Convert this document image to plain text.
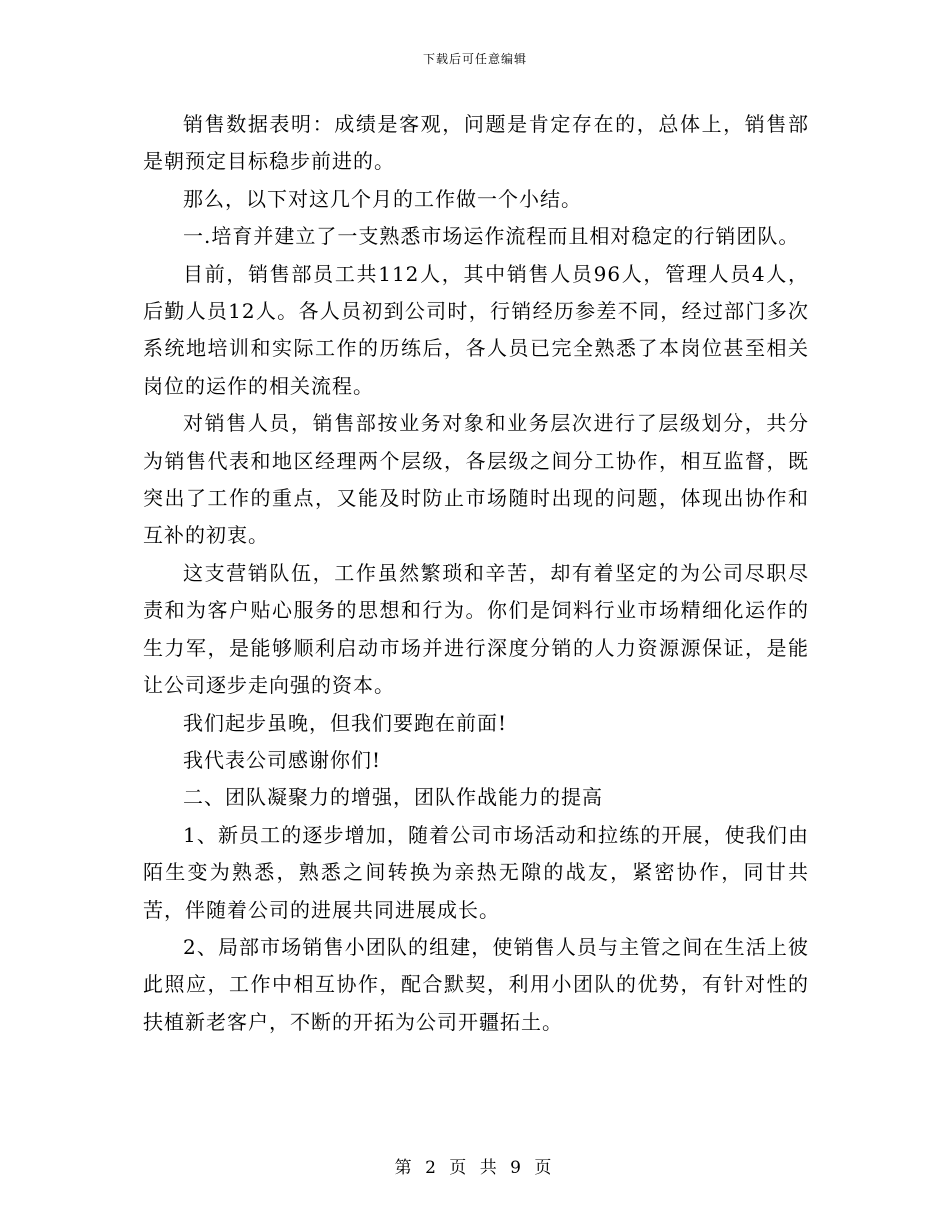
下载后可任意编辑

销售数据表明：成绩是客观，问题是肯定存在的，总体上，销售部是朝预定目标稳步前进的。

那么，以下对这几个月的工作做一个小结。

一.培育并建立了一支熟悉市场运作流程而且相对稳定的行销团队。

目前，销售部员工共112人，其中销售人员96人，管理人员4人，后勤人员12人。各人员初到公司时，行销经历参差不同，经过部门多次系统地培训和实际工作的历练后，各人员已完全熟悉了本岗位甚至相关岗位的运作的相关流程。

对销售人员，销售部按业务对象和业务层次进行了层级划分，共分为销售代表和地区经理两个层级，各层级之间分工协作，相互监督，既突出了工作的重点，又能及时防止市场随时出现的问题，体现出协作和互补的初衷。

这支营销队伍，工作虽然繁琐和辛苦，却有着坚定的为公司尽职尽责和为客户贴心服务的思想和行为。你们是饲料行业市场精细化运作的生力军，是能够顺利启动市场并进行深度分销的人力资源源保证，是能让公司逐步走向强的资本。

我们起步虽晚，但我们要跑在前面!

我代表公司感谢你们!

二、团队凝聚力的增强，团队作战能力的提高

1、新员工的逐步增加，随着公司市场活动和拉练的开展，使我们由陌生变为熟悉，熟悉之间转换为亲热无隙的战友，紧密协作，同甘共苦，伴随着公司的进展共同进展成长。

2、局部市场销售小团队的组建，使销售人员与主管之间在生活上彼此照应，工作中相互协作，配合默契，利用小团队的优势，有针对性的扶植新老客户，不断的开拓为公司开疆拓土。

第 2 页 共 9 页
